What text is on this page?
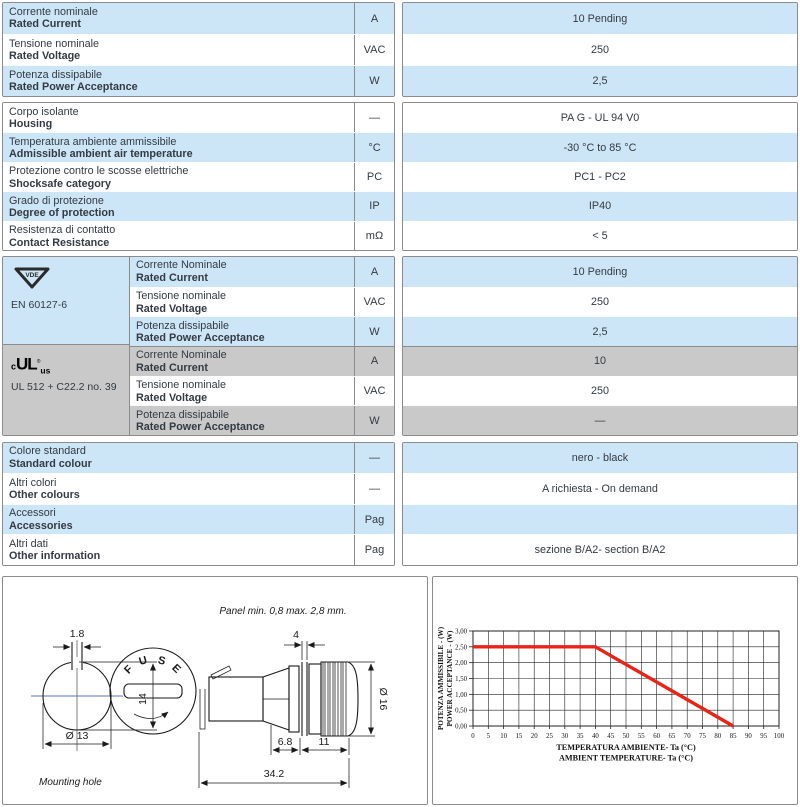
Corrente nominale
Rated Current	A
Tensione nominale
Rated Voltage
VAC
Potenza dissipabile
Rated Power Acceptance
W
10 Pending
250
2,5
Corpo isolante
Housing
—
Temperatura ambiente ammissibile
Admissible ambient air temperature
°C
Protezione contro le scosse elettriche
Shocksafe category
PC
Grado di protezione
Degree of protection
IP
Resistenza di contatto
Contact Resistance
mΩ
PA G - UL 94 V0
-30 °C to 85 °C
PC1 - PC2
IP40
< 5
VDE
EN 60127-6
cUL®$_{us}$
UL 512 + C22.2 no. 39
Corrente Nominale
Rated Current
A
Tensione nominale
Rated Voltage
VAC
Potenza dissipabile
Rated Power Acceptance
W
Corrente Nominale
Rated Current
A
Tensione nominale
Rated Voltage
VAC
Potenza dissipabile
Rated Power Acceptance
W
10 Pending
250
2,5
10
250
—
Colore standard
Standard colour	—
Altri colori
Other colours
—
Accessori
Accessories
Pag
Altri dati
Other information
Pag
nero - black
A richiesta - On demand
sezione B/A2- section B/A2
Panel min. 0,8 max. 2,8 mm.
1.8
14
Ø 13
Mounting hole
F
U S
E
4
Ø 16
6.8 11
34.2
0 5 10 15 20 25 30 35 40 45 50 55 60 65 70 75 80 85 90 95 100
0,00
0,50
1,00
1,50
2,00
2,50
3,00
POTENZA AMMISSIBILE - (W) POWER ACCEPTANCE - (W)
TEMPERATURA AMBIENTE- Ta (°C)
AMBIENT TEMPERATURE- Ta (°C)
